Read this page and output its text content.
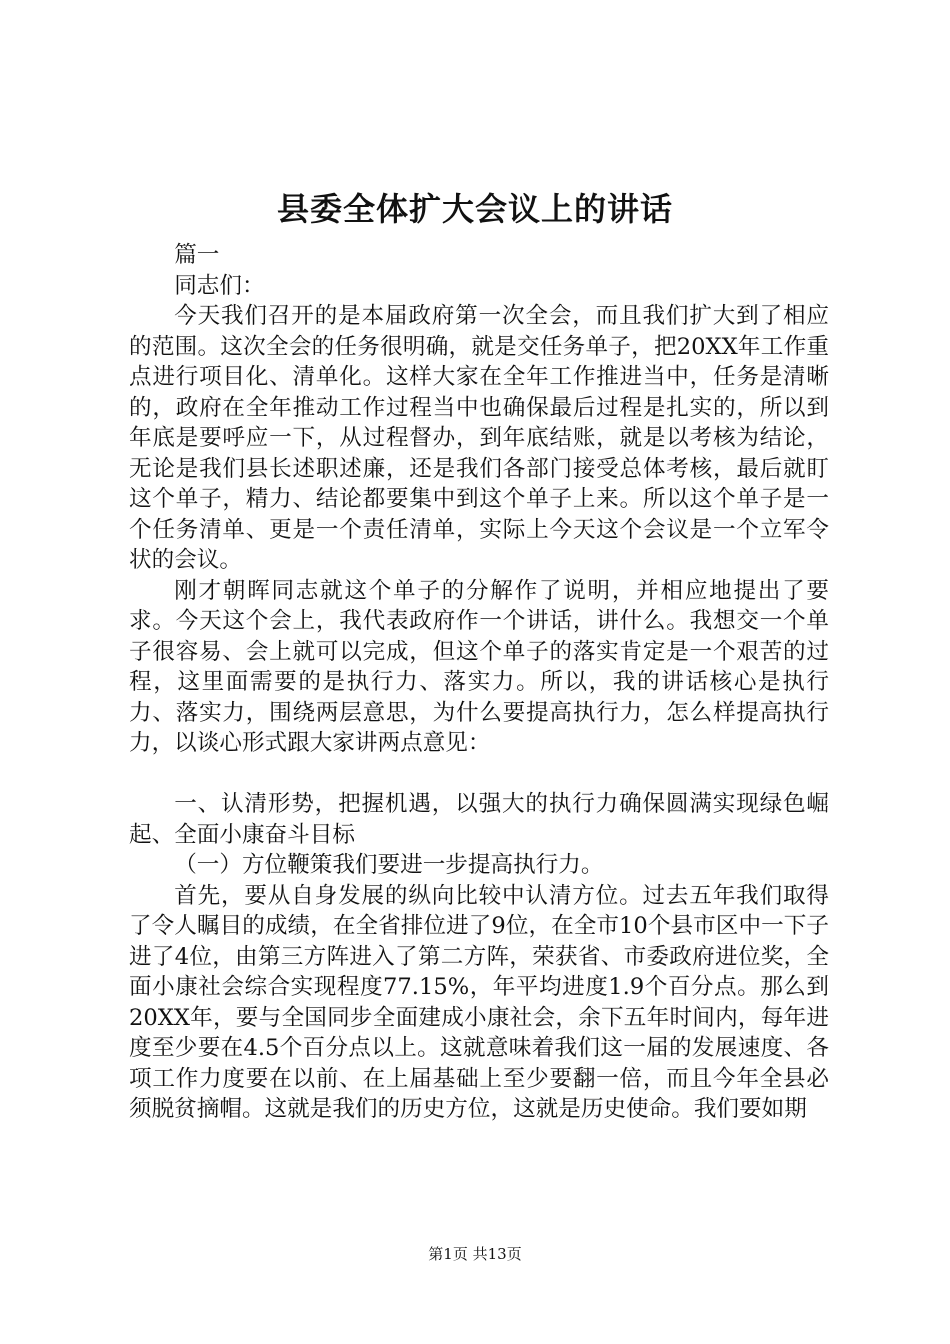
县委全体扩大会议上的讲话

篇一

同志们：

今天我们召开的是本届政府第一次全会，而且我们扩大到了相应的范围。这次全会的任务很明确，就是交任务单子，把20XX年工作重点进行项目化、清单化。这样大家在全年工作推进当中，任务是清晰的，政府在全年推动工作过程当中也确保最后过程是扎实的，所以到年底是要呼应一下，从过程督办，到年底结账，就是以考核为结论，无论是我们县长述职述廉，还是我们各部门接受总体考核，最后就盯这个单子，精力、结论都要集中到这个单子上来。所以这个单子是一个任务清单、更是一个责任清单，实际上今天这个会议是一个立军令状的会议。

刚才朝晖同志就这个单子的分解作了说明，并相应地提出了要求。今天这个会上，我代表政府作一个讲话，讲什么。我想交一个单子很容易、会上就可以完成，但这个单子的落实肯定是一个艰苦的过程，这里面需要的是执行力、落实力。所以，我的讲话核心是执行力、落实力，围绕两层意思，为什么要提高执行力，怎么样提高执行力，以谈心形式跟大家讲两点意见：

一、认清形势，把握机遇，以强大的执行力确保圆满实现绿色崛起、全面小康奋斗目标

（一）方位鞭策我们要进一步提高执行力。

首先，要从自身发展的纵向比较中认清方位。过去五年我们取得了令人瞩目的成绩，在全省排位进了9位，在全市10个县市区中一下子进了4位，由第三方阵进入了第二方阵，荣获省、市委政府进位奖，全面小康社会综合实现程度77.15%，年平均进度1.9个百分点。那么到20XX年，要与全国同步全面建成小康社会，余下五年时间内，每年进度至少要在4.5个百分点以上。这就意味着我们这一届的发展速度、各项工作力度要在以前、在上届基础上至少要翻一倍，而且今年全县必须脱贫摘帽。这就是我们的历史方位，这就是历史使命。我们要如期

第1页 共13页
